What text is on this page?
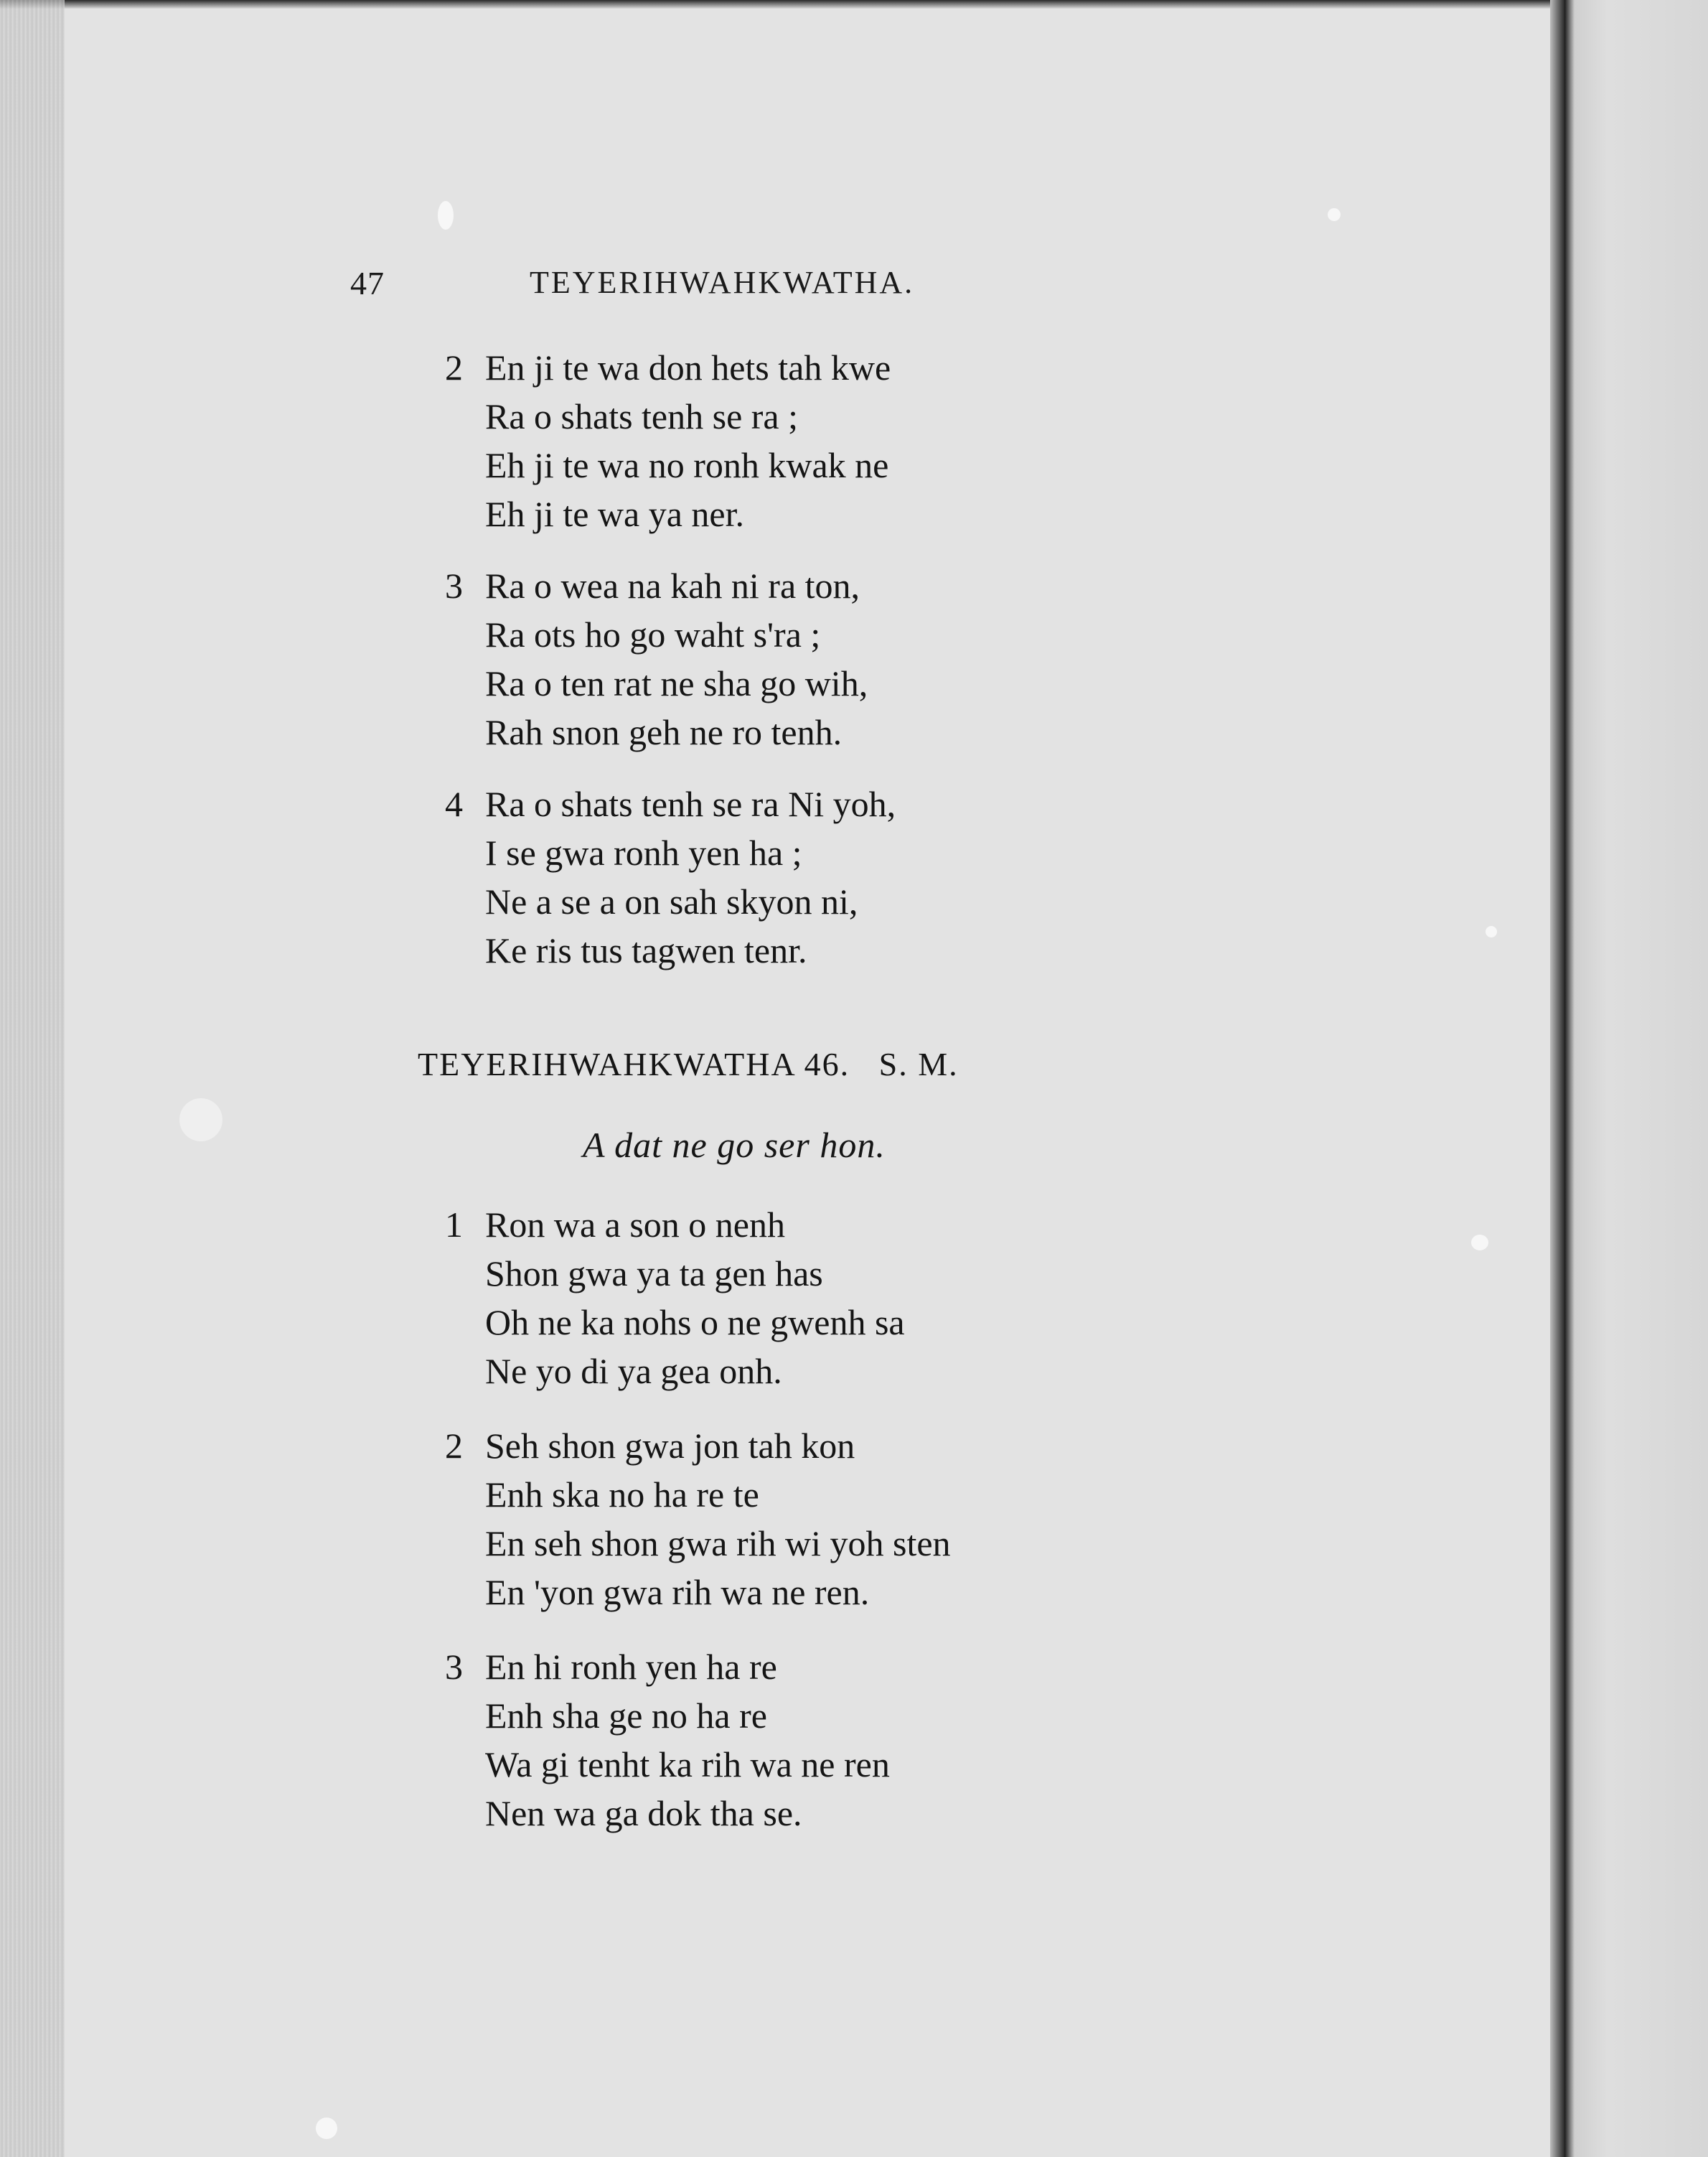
47	TEYERIHWAHKWATHA.
2 En ji te wa don hets tah kwe
Ra o shats tenh se ra ;
Eh ji te wa no ronh kwak ne
Eh ji te wa ya ner.
3 Ra o wea na kah ni ra ton,
Ra ots ho go waht s'ra ;
Ra o ten rat ne sha go wih,
Rah snon geh ne ro tenh.
4 Ra o shats tenh se ra Ni yoh,
I se gwa ronh yen ha ;
Ne a se a on sah skyon ni,
Ke ris tus tagwen tenr.
TEYERIHWAHKWATHA 46.   S. M.
A dat ne go ser hon.
1 Ron wa a son o nenh
Shon gwa ya ta gen has
Oh ne ka nohs o ne gwenh sa
Ne yo di ya gea onh.
2 Seh shon gwa jon tah kon
Enh ska no ha re te
En seh shon gwa rih wi yoh sten
En 'yon gwa rih wa ne ren.
3 En hi ronh yen ha re
Enh sha ge no ha re
Wa gi tenht ka rih wa ne ren
Nen wa ga dok tha se.
